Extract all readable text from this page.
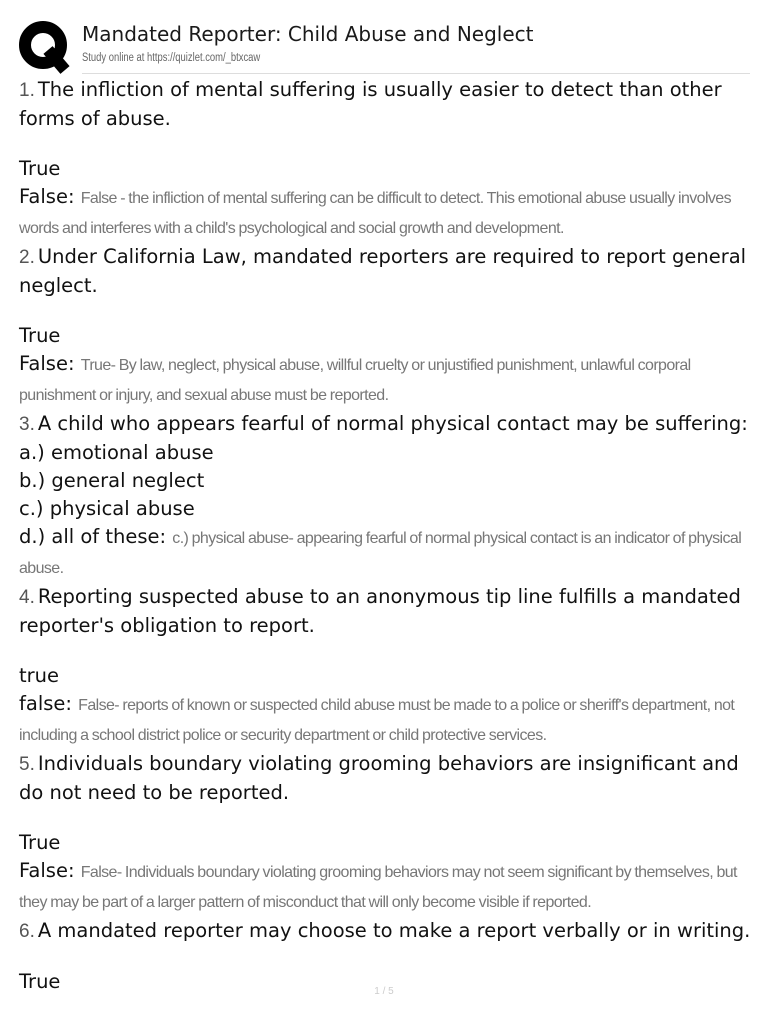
Mandated Reporter: Child Abuse and Neglect
Study online at https://quizlet.com/_btxcaw

1. The infliction of mental suffering is usually easier to detect than other forms of abuse.

True

False: False - the infliction of mental suffering can be difficult to detect. This emotional abuse usually involves words and interferes with a child's psychological and social growth and development.

2. Under California Law, mandated reporters are required to report general neglect.

True

False: True- By law, neglect, physical abuse, willful cruelty or unjustified punishment, unlawful corporal punishment or injury, and sexual abuse must be reported.

3. A child who appears fearful of normal physical contact may be suffering:

a.) emotional abuse

b.) general neglect

c.) physical abuse

d.) all of these: c.) physical abuse- appearing fearful of normal physical contact is an indicator of physical abuse.

4. Reporting suspected abuse to an anonymous tip line fulfills a mandated reporter's obligation to report.

true

false: False- reports of known or suspected child abuse must be made to a police or sheriff's department, not including a school district police or security department or child protective services.

5. Individuals boundary violating grooming behaviors are insignificant and do not need to be reported.

True

False: False- Individuals boundary violating grooming behaviors may not seem significant by themselves, but they may be part of a larger pattern of misconduct that will only become visible if reported.

6. A mandated reporter may choose to make a report verbally or in writing.

True	1 / 5
